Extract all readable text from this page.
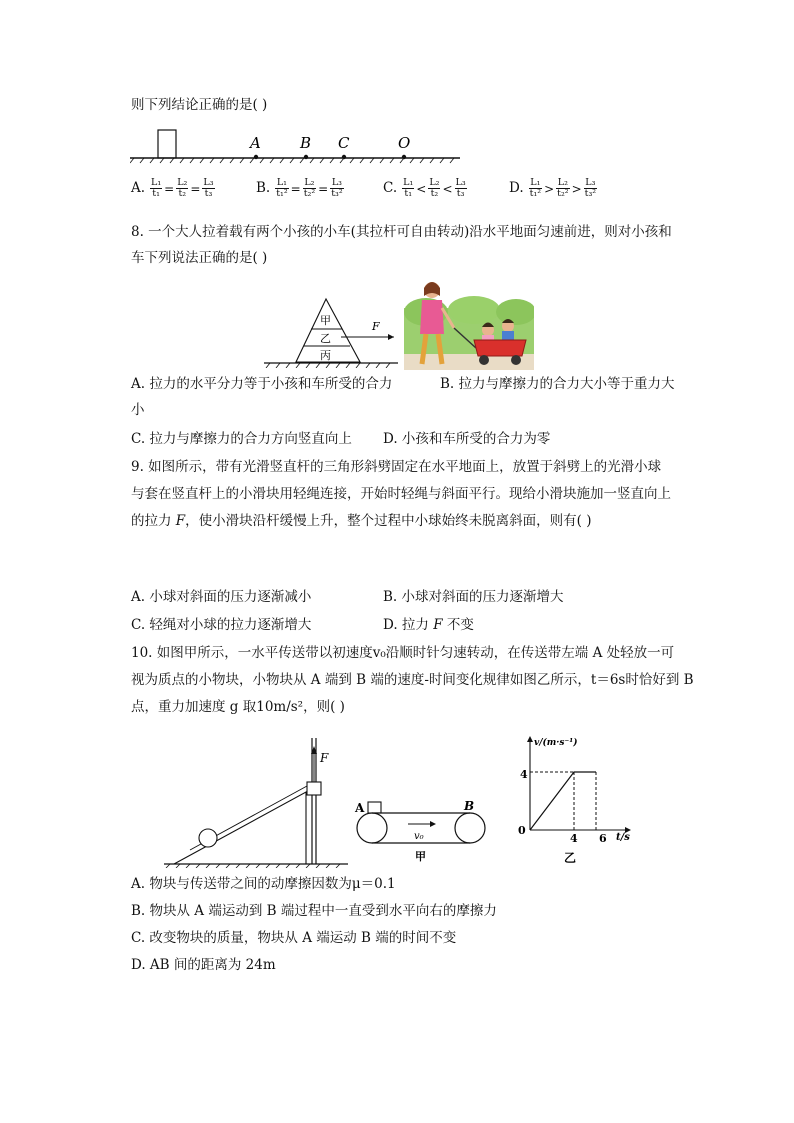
则下列结论正确的是( )
A	B C	O
A. $\frac{\text{L₁}}{\text{t₁}} = \frac{\text{L₂}}{\text{t₂}} = \frac{\text{L₃}}{\text{t₃}}$	B. $\frac{\text{L₁}}{\text{t₁²}} = \frac{\text{L₂}}{\text{t₂²}} = \frac{\text{L₃}}{\text{t₃²}}$	C. $\frac{\text{L₁}}{\text{t₁}} < \frac{\text{L₂}}{\text{t₂}} < \frac{\text{L₃}}{\text{t₃}}$	D. $\frac{\text{L₁}}{\text{t₁²}} > \frac{\text{L₂}}{\text{t₂²}} > \frac{\text{L₃}}{\text{t₃²}}$
8. 一个大人拉着载有两个小孩的小车(其拉杆可自由转动)沿水平地面匀速前进，则对小孩和
车下列说法正确的是( )
甲
乙
丙
F
A. 拉力的水平分力等于小孩和车所受的合力	B. 拉力与摩擦力的合力大小等于重力大
小
C. 拉力与摩擦力的合力方向竖直向上 D. 小孩和车所受的合力为零
9. 如图所示，带有光滑竖直杆的三角形斜劈固定在水平地面上，放置于斜劈上的光滑小球
与套在竖直杆上的小滑块用轻绳连接，开始时轻绳与斜面平行。现给小滑块施加一竖直向上
的拉力 F，使小滑块沿杆缓慢上升，整个过程中小球始终未脱离斜面，则有( )
A. 小球对斜面的压力逐渐减小	B. 小球对斜面的压力逐渐增大
C. 轻绳对小球的拉力逐渐增大	D. 拉力 F 不变
10. 如图甲所示，一水平传送带以初速度v₀沿顺时针匀速转动，在传送带左端 A 处轻放一可
视为质点的小物块，小物块从 A 端到 B 端的速度-时间变化规律如图乙所示，t＝6s时恰好到 B
点，重力加速度 g 取10m/s²，则( )
F
A	B
v₀
甲
v/(m·s⁻¹)
t/s
0
4
4 6
乙
A. 物块与传送带之间的动摩擦因数为μ＝0.1
B. 物块从 A 端运动到 B 端过程中一直受到水平向右的摩擦力
C. 改变物块的质量，物块从 A 端运动 B 端的时间不变
D. AB 间的距离为 24m
